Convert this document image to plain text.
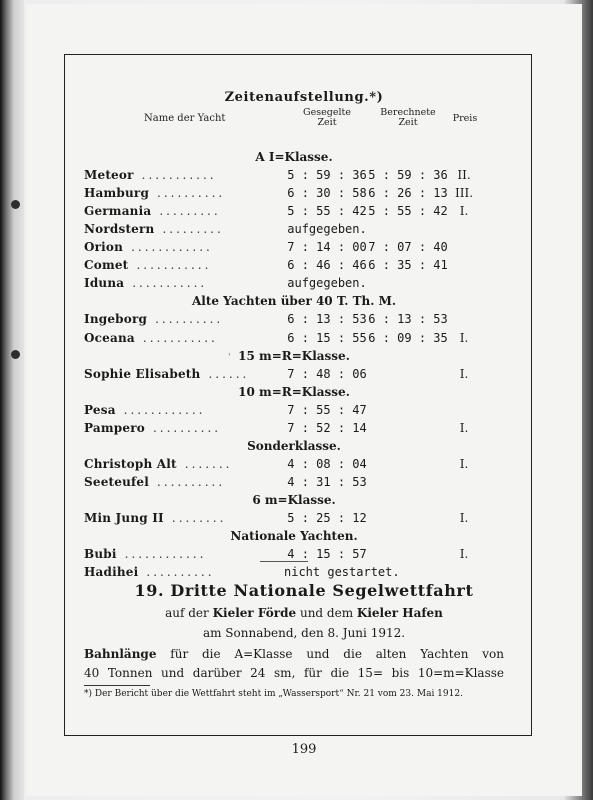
Zeitenaufstellung.*)
Name der Yacht
Gesegelte
Zeit
Berechnete
Zeit	Preis
A I=Klasse.
Meteor ...........	5 : 59 : 36 5 : 59 : 36 II.
Hamburg ..........	6 : 30 : 58 6 : 26 : 13 III.
Germania .........	5 : 55 : 42 5 : 55 : 42 I.
Nordstern .........	aufgegeben.
Orion ............	7 : 14 : 00 7 : 07 : 40
Comet ...........	6 : 46 : 46 6 : 35 : 41
Iduna ...........	aufgegeben.
Alte Yachten über 40 T. Th. M.
Ingeborg ..........	6 : 13 : 53 6 : 13 : 53
Oceana ...........	6 : 15 : 55 6 : 09 : 35 I.
15 m=R=Klasse.
Sophie Elisabeth ......	7 : 48 : 06	I.
10 m=R=Klasse.
Pesa ............	7 : 55 : 47
Pampero ..........	7 : 52 : 14	I.
Sonderklasse.
Christoph Alt .......	4 : 08 : 04	I.
Seeteufel ..........	4 : 31 : 53
6 m=Klasse.
Min Jung II ........	5 : 25 : 12	I.
Nationale Yachten.
Bubi ............	4 : 15 : 57	I.
Hadihei ..........	nicht gestartet.
'
19. Dritte Nationale Segelwettfahrt
auf der Kieler Förde und dem Kieler Hafen
am Sonnabend, den 8. Juni 1912.
Bahnlänge für die A=Klasse und die alten Yachten von
40 Tonnen und darüber 24 sm, für die 15= bis 10=m=Klasse
*) Der Bericht über die Wettfahrt steht im „Wassersport“ Nr. 21 vom 23. Mai 1912.
199
